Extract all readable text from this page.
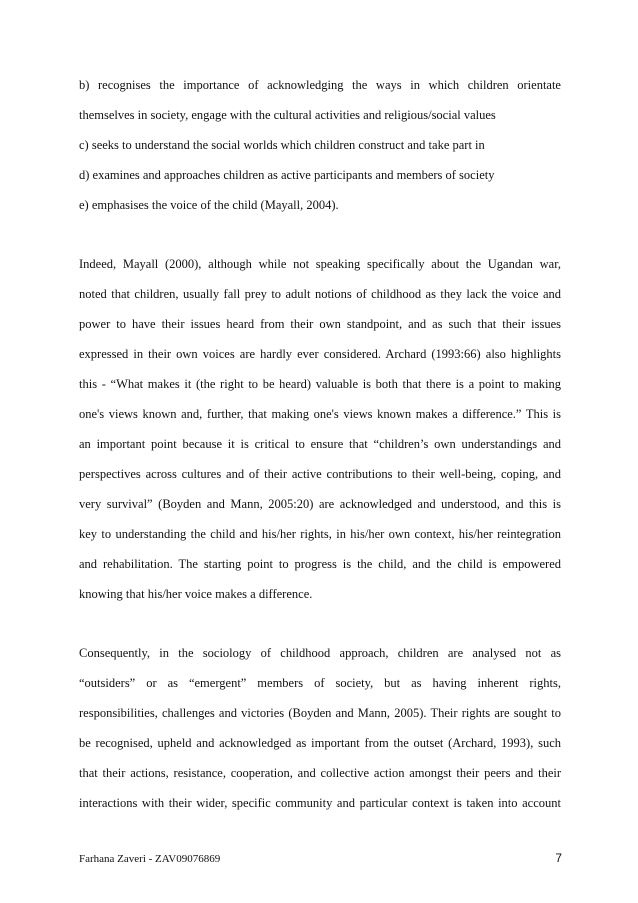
b) recognises the importance of acknowledging the ways in which children orientate
themselves in society, engage with the cultural activities and religious/social values
c) seeks to understand the social worlds which children construct and take part in
d) examines and approaches children as active participants and members of society
e) emphasises the voice of the child (Mayall, 2004).
Indeed, Mayall (2000), although while not speaking specifically about the Ugandan war,
noted that children, usually fall prey to adult notions of childhood as they lack the voice and
power to have their issues heard from their own standpoint, and as such that their issues
expressed in their own voices are hardly ever considered. Archard (1993:66) also highlights
this - “What makes it (the right to be heard) valuable is both that there is a point to making
one's views known and, further, that making one's views known makes a difference.” This is
an important point because it is critical to ensure that “children’s own understandings and
perspectives across cultures and of their active contributions to their well-being, coping, and
very survival” (Boyden and Mann, 2005:20) are acknowledged and understood, and this is
key to understanding the child and his/her rights, in his/her own context, his/her reintegration
and rehabilitation. The starting point to progress is the child, and the child is empowered
knowing that his/her voice makes a difference.
Consequently, in the sociology of childhood approach, children are analysed not as
“outsiders” or as “emergent” members of society, but as having inherent rights,
responsibilities, challenges and victories (Boyden and Mann, 2005). Their rights are sought to
be recognised, upheld and acknowledged as important from the outset (Archard, 1993), such
that their actions, resistance, cooperation, and collective action amongst their peers and their
interactions with their wider, specific community and particular context is taken into account
Farhana Zaveri - ZAV09076869	7
